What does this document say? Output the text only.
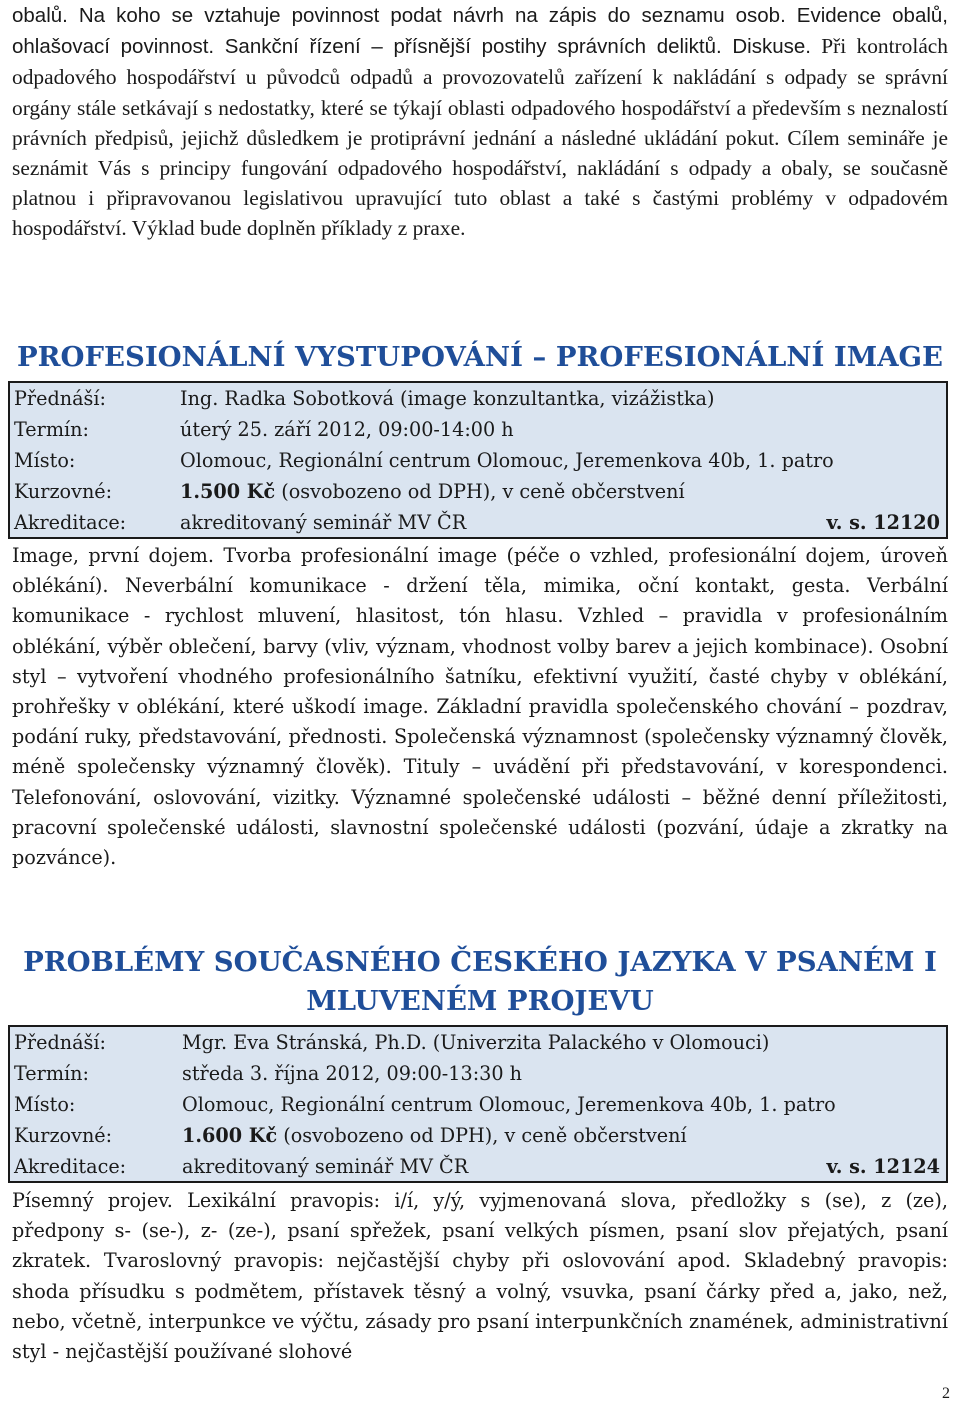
obalů. Na koho se vztahuje povinnost podat návrh na zápis do seznamu osob. Evidence obalů, ohlašovací povinnost. Sankční řízení – přísnější postihy správních deliktů. Diskuse. Při kontrolách odpadového hospodářství u původců odpadů a provozovatelů zařízení k nakládání s odpady se správní orgány stále setkávají s nedostatky, které se týkají oblasti odpadového hospodářství a především s neznalostí právních předpisů, jejichž důsledkem je protiprávní jednání a následné ukládání pokut. Cílem semináře je seznámit Vás s principy fungování odpadového hospodářství, nakládání s odpady a obaly, se současně platnou i připravovanou legislativou upravující tuto oblast a také s častými problémy v odpadovém hospodářství. Výklad bude doplněn příklady z praxe.

PROFESIONÁLNÍ VYSTUPOVÁNÍ – PROFESIONÁLNÍ IMAGE
Přednáší:	Ing. Radka Sobotková (image konzultantka, vizážistka)
Termín:	úterý 25. září 2012, 09:00-14:00 h
Místo:	Olomouc, Regionální centrum Olomouc, Jeremenkova 40b, 1. patro
Kurzovné:	1.500 Kč (osvobozeno od DPH), v ceně občerstvení
Akreditace:	akreditovaný seminář MV ČR	v. s. 12120

Image, první dojem. Tvorba profesionální image (péče o vzhled, profesionální dojem, úroveň oblékání). Neverbální komunikace - držení těla, mimika, oční kontakt, gesta. Verbální komunikace - rychlost mluvení, hlasitost, tón hlasu. Vzhled – pravidla v profesionálním oblékání, výběr oblečení, barvy (vliv, význam, vhodnost volby barev a jejich kombinace). Osobní styl – vytvoření vhodného profesionálního šatníku, efektivní využití, časté chyby v oblékání, prohřešky v oblékání, které uškodí image. Základní pravidla společenského chování – pozdrav, podání ruky, představování, přednosti. Společenská významnost (společensky významný člověk, méně společensky významný člověk). Tituly – uvádění při představování, v korespondenci. Telefonování, oslovování, vizitky. Významné společenské události – běžné denní příležitosti, pracovní společenské události, slavnostní společenské události (pozvání, údaje a zkratky na pozvánce).

PROBLÉMY SOUČASNÉHO ČESKÉHO JAZYKA V PSANÉM I
MLUVENÉM PROJEVU
Přednáší:	Mgr. Eva Stránská, Ph.D. (Univerzita Palackého v Olomouci)
Termín:	středa 3. října 2012, 09:00-13:30 h
Místo:	Olomouc, Regionální centrum Olomouc, Jeremenkova 40b, 1. patro
Kurzovné:	1.600 Kč (osvobozeno od DPH), v ceně občerstvení
Akreditace:	akreditovaný seminář MV ČR	v. s. 12124

Písemný projev. Lexikální pravopis: i/í, y/ý, vyjmenovaná slova, předložky s (se), z (ze), předpony s- (se-), z- (ze-), psaní spřežek, psaní velkých písmen, psaní slov přejatých, psaní zkratek. Tvaroslovný pravopis: nejčastější chyby při oslovování apod. Skladebný pravopis: shoda přísudku s podmětem, přístavek těsný a volný, vsuvka, psaní čárky před a, jako, než, nebo, včetně, interpunkce ve výčtu, zásady pro psaní interpunkčních znamének, administrativní styl - nejčastější používané slohové

2
